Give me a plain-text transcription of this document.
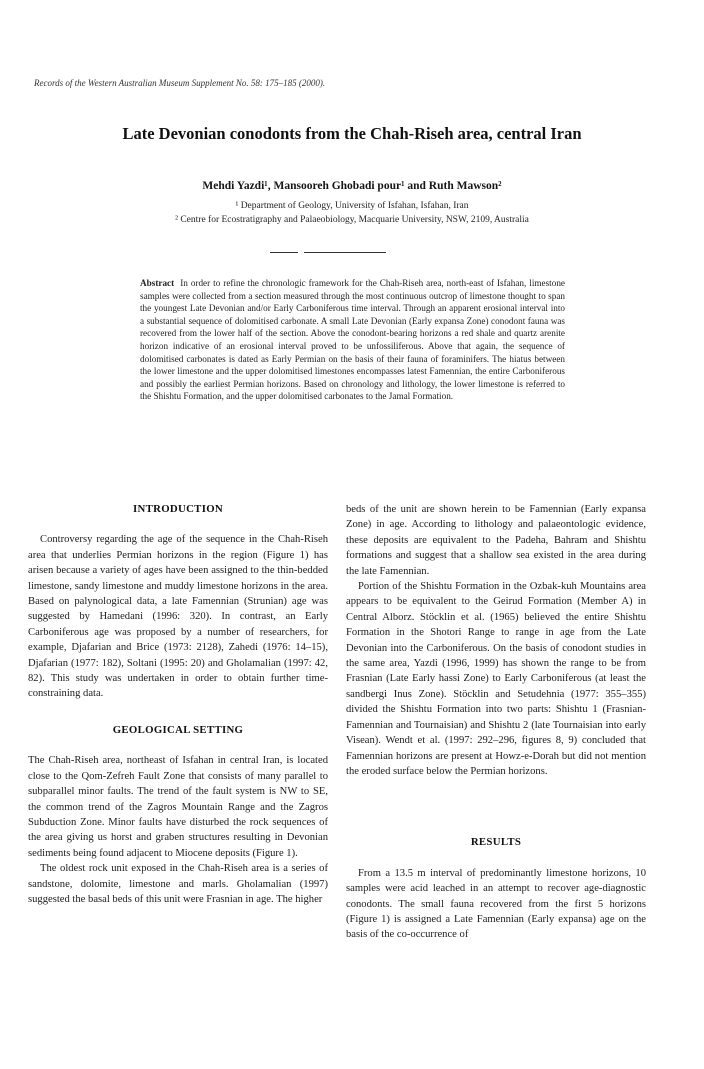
Records of the Western Australian Museum Supplement No. 58: 175–185 (2000).
Late Devonian conodonts from the Chah-Riseh area, central Iran
Mehdi Yazdi¹, Mansooreh Ghobadi pour¹ and Ruth Mawson²
¹ Department of Geology, University of Isfahan, Isfahan, Iran
² Centre for Ecostratigraphy and Palaeobiology, Macquarie University, NSW, 2109, Australia
Abstract In order to refine the chronologic framework for the Chah-Riseh area, north-east of Isfahan, limestone samples were collected from a section measured through the most continuous outcrop of limestone thought to span the youngest Late Devonian and/or Early Carboniferous time interval. Through an apparent erosional interval into a substantial sequence of dolomitised carbonate. A small Late Devonian (Early expansa Zone) conodont fauna was recovered from the lower half of the section. Above the conodont-bearing horizons a red shale and quartz arenite horizon indicative of an erosional interval proved to be unfossiliferous. Above that again, the sequence of dolomitised carbonates is dated as Early Permian on the basis of their fauna of foraminifers. The hiatus between the lower limestone and the upper dolomitised limestones encompasses latest Famennian, the entire Carboniferous and possibly the earliest Permian horizons. Based on chronology and lithology, the lower limestone is referred to the Shishtu Formation, and the upper dolomitised carbonates to the Jamal Formation.
INTRODUCTION

Controversy regarding the age of the sequence in the Chah-Riseh area that underlies Permian horizons in the region (Figure 1) has arisen because a variety of ages have been assigned to the thin-bedded limestone, sandy limestone and muddy limestone horizons in the area. Based on palynological data, a late Famennian (Strunian) age was suggested by Hamedani (1996: 320). In contrast, an Early Carboniferous age was proposed by a number of researchers, for example, Djafarian and Brice (1973: 2128), Zahedi (1976: 14–15), Djafarian (1977: 182), Soltani (1995: 20) and Gholamalian (1997: 42, 82). This study was undertaken in order to obtain further time-constraining data.

GEOLOGICAL SETTING

The Chah-Riseh area, northeast of Isfahan in central Iran, is located close to the Qom-Zefreh Fault Zone that consists of many parallel to subparallel minor faults. The trend of the fault system is NW to SE, the common trend of the Zagros Mountain Range and the Zagros Subduction Zone. Minor faults have disturbed the rock sequences of the area giving us horst and graben structures resulting in Devonian sediments being found adjacent to Miocene deposits (Figure 1).

The oldest rock unit exposed in the Chah-Riseh area is a series of sandstone, dolomite, limestone and marls. Gholamalian (1997) suggested the basal beds of this unit were Frasnian in age. The higher

beds of the unit are shown herein to be Famennian (Early expansa Zone) in age. According to lithology and palaeontologic evidence, these deposits are equivalent to the Padeha, Bahram and Shishtu formations and suggest that a shallow sea existed in the area during the late Famennian.

Portion of the Shishtu Formation in the Ozbak-kuh Mountains area appears to be equivalent to the Geirud Formation (Member A) in Central Alborz. Stöcklin et al. (1965) believed the entire Shishtu Formation in the Shotori Range to range in age from the Late Devonian into the Carboniferous. On the basis of conodont studies in the same area, Yazdi (1996, 1999) has shown the range to be from Frasnian (Late Early hassi Zone) to Early Carboniferous (at least the sandbergi Inus Zone). Stöcklin and Setudehnia (1977: 355–355) divided the Shishtu Formation into two parts: Shishtu 1 (Frasnian-Famennian and Tournaisian) and Shishtu 2 (late Tournaisian into early Visean). Wendt et al. (1997: 292–296, figures 8, 9) concluded that Famennian horizons are present at Howz-e-Dorah but did not mention the eroded surface below the Permian horizons.

RESULTS

From a 13.5 m interval of predominantly limestone horizons, 10 samples were acid leached in an attempt to recover age-diagnostic conodonts. The small fauna recovered from the first 5 horizons (Figure 1) is assigned a Late Famennian (Early expansa) age on the basis of the co-occurrence of
